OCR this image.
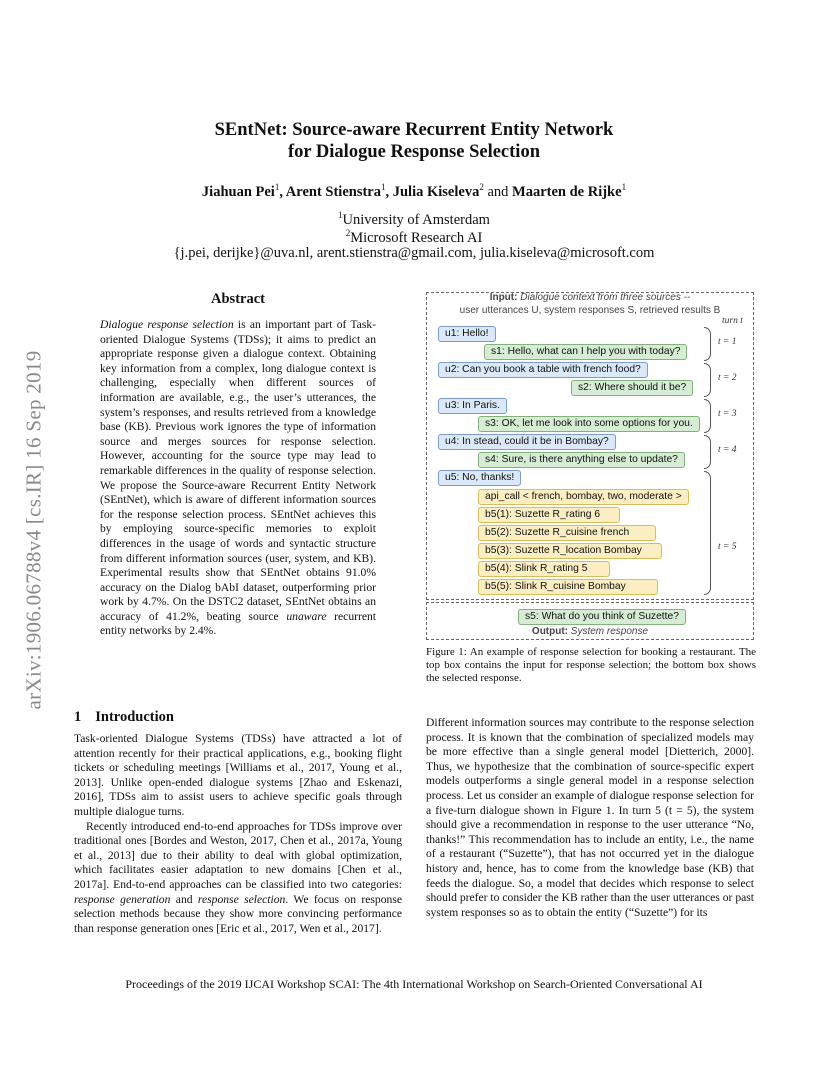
SEntNet: Source-aware Recurrent Entity Network
for Dialogue Response Selection
Jiahuan Pei$^1$, Arent Stienstra$^1$, Julia Kiseleva$^2$ and Maarten de Rijke$^1$
$^1$University of Amsterdam
$^2$Microsoft Research AI
{j.pei, derijke}@uva.nl, arent.stienstra@gmail.com, julia.kiseleva@microsoft.com
arXiv:1906.06788v4 [cs.IR] 16 Sep 2019
Abstract
Dialogue response selection is an important part of Task-oriented Dialogue Systems (TDSs); it aims to predict an appropriate response given a dialogue context. Obtaining key information from a complex, long dialogue context is challenging, especially when different sources of information are available, e.g., the user’s utterances, the system’s responses, and results retrieved from a knowledge base (KB). Previous work ignores the type of information source and merges sources for response selection. However, accounting for the source type may lead to remarkable differences in the quality of response selection. We propose the Source-aware Recurrent Entity Network (SEntNet), which is aware of different information sources for the response selection process. SEntNet achieves this by employing source-specific memories to exploit differences in the usage of words and syntactic structure from different information sources (user, system, and KB). Experimental results show that SEntNet obtains 91.0% accuracy on the Dialog bAbI dataset, outperforming prior work by 4.7%. On the DSTC2 dataset, SEntNet obtains an accuracy of 41.2%, beating source unaware recurrent entity networks by 2.4%.
1 Introduction

Task-oriented Dialogue Systems (TDSs) have attracted a lot of attention recently for their practical applications, e.g., booking flight tickets or scheduling meetings [Williams et al., 2017, Young et al., 2013]. Unlike open-ended dialogue systems [Zhao and Eskenazi, 2016], TDSs aim to assist users to achieve specific goals through multiple dialogue turns.

Recently introduced end-to-end approaches for TDSs improve over traditional ones [Bordes and Weston, 2017, Chen et al., 2017a, Young et al., 2013] due to their ability to deal with global optimization, which facilitates easier adaptation to new domains [Chen et al., 2017a]. End-to-end approaches can be classified into two categories: response generation and response selection. We focus on response selection methods because they show more convincing performance than response generation ones [Eric et al., 2017, Wen et al., 2017].

Different information sources may contribute to the response selection process. It is known that the combination of specialized models may be more effective than a single general model [Dietterich, 2000]. Thus, we hypothesize that the combination of source-specific expert models outperforms a single general model in a response selection process. Let us consider an example of dialogue response selection for a five-turn dialogue shown in Figure 1. In turn 5 (t = 5), the system should give a recommendation in response to the user utterance “No, thanks!” This recommendation has to include an entity, i.e., the name of a restaurant (“Suzette”), that has not occurred yet in the dialogue history and, hence, has to come from the knowledge base (KB) that feeds the dialogue. So, a model that decides which response to select should prefer to consider the KB rather than the user utterances or past system responses so as to obtain the entity (“Suzette”) for its

Input: Dialogue context from three sources --
user utterances U, system responses S, retrieved results B
turn t
u1: Hello!
s1: Hello, what can I help you with today?
u2: Can you book a table with french food?
s2: Where should it be?
u3: In Paris.
s3: OK, let me look into some options for you.
u4: In stead, could it be in Bombay?
s4: Sure, is there anything else to update?
u5: No, thanks!
api_call < french, bombay, two, moderate >
b5(1): Suzette R_rating 6
b5(2): Suzette R_cuisine french
b5(3): Suzette R_location Bombay
b5(4): Slink R_rating 5
b5(5): Slink R_cuisine Bombay
t = 1
t = 2
t = 3
t = 4
t = 5
s5: What do you think of Suzette?
Output: System response
Figure 1: An example of response selection for booking a restaurant. The top box contains the input for response selection; the bottom box shows the selected response.
Proceedings of the 2019 IJCAI Workshop SCAI: The 4th International Workshop on Search-Oriented Conversational AI
